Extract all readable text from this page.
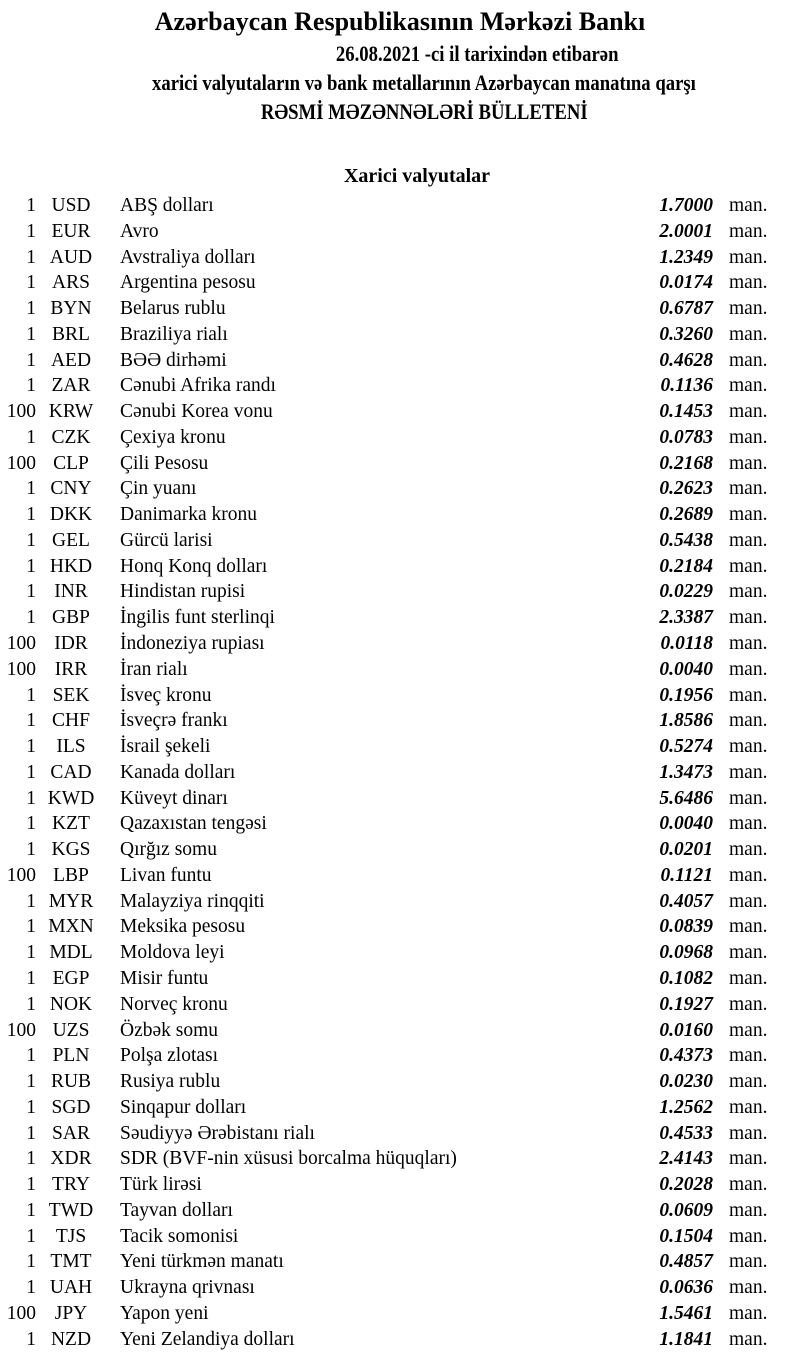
Azərbaycan Respublikasının Mərkəzi Bankı
26.08.2021 -ci il tarixindən etibarən
xarici valyutaların və bank metallarının Azərbaycan manatına qarşı
RƏSMİ MƏZƏNNƏLƏRİ BÜLLETENİ
Xarici valyutalar
1 USD	ABŞ dolları	1.7000 man.
1 EUR	Avro	2.0001 man.
1 AUD	Avstraliya dolları	1.2349 man.
1 ARS	Argentina pesosu	0.0174 man.
1 BYN	Belarus rublu	0.6787 man.
1 BRL	Braziliya rialı	0.3260 man.
1 AED	BƏƏ dirhəmi	0.4628 man.
1 ZAR	Cənubi Afrika randı	0.1136 man.
100 KRW	Cənubi Korea vonu	0.1453 man.
1 CZK	Çexiya kronu	0.0783 man.
100 CLP	Çili Pesosu	0.2168 man.
1 CNY	Çin yuanı	0.2623 man.
1 DKK	Danimarka kronu	0.2689 man.
1 GEL	Gürcü larisi	0.5438 man.
1 HKD	Honq Konq dolları	0.2184 man.
1 INR	Hindistan rupisi	0.0229 man.
1 GBP	İngilis funt sterlinqi	2.3387 man.
100 IDR	İndoneziya rupiası	0.0118 man.
100 IRR	İran rialı	0.0040 man.
1 SEK	İsveç kronu	0.1956 man.
1 CHF	İsveçrə frankı	1.8586 man.
1	ILS	İsrail şekeli	0.5274 man.
1 CAD	Kanada dolları	1.3473 man.
1 KWD	Küveyt dinarı	5.6486 man.
1 KZT	Qazaxıstan tengəsi	0.0040 man.
1 KGS	Qırğız somu	0.0201 man.
100 LBP	Livan funtu	0.1121 man.
1 MYR	Malayziya rinqqiti	0.4057 man.
1 MXN	Meksika pesosu	0.0839 man.
1 MDL	Moldova leyi	0.0968 man.
1 EGP	Misir funtu	0.1082 man.
1 NOK	Norveç kronu	0.1927 man.
100 UZS	Özbək somu	0.0160 man.
1 PLN	Polşa zlotası	0.4373 man.
1 RUB	Rusiya rublu	0.0230 man.
1 SGD	Sinqapur dolları	1.2562 man.
1 SAR	Səudiyyə Ərəbistanı rialı	0.4533 man.
1 XDR	SDR (BVF-nin xüsusi borcalma hüquqları)	2.4143 man.
1 TRY	Türk lirəsi	0.2028 man.
1 TWD	Tayvan dolları	0.0609 man.
1	TJS	Tacik somonisi	0.1504 man.
1 TMT	Yeni türkmən manatı	0.4857 man.
1 UAH	Ukrayna qrivnası	0.0636 man.
100 JPY	Yapon yeni	1.5461 man.
1 NZD	Yeni Zelandiya dolları	1.1841 man.
